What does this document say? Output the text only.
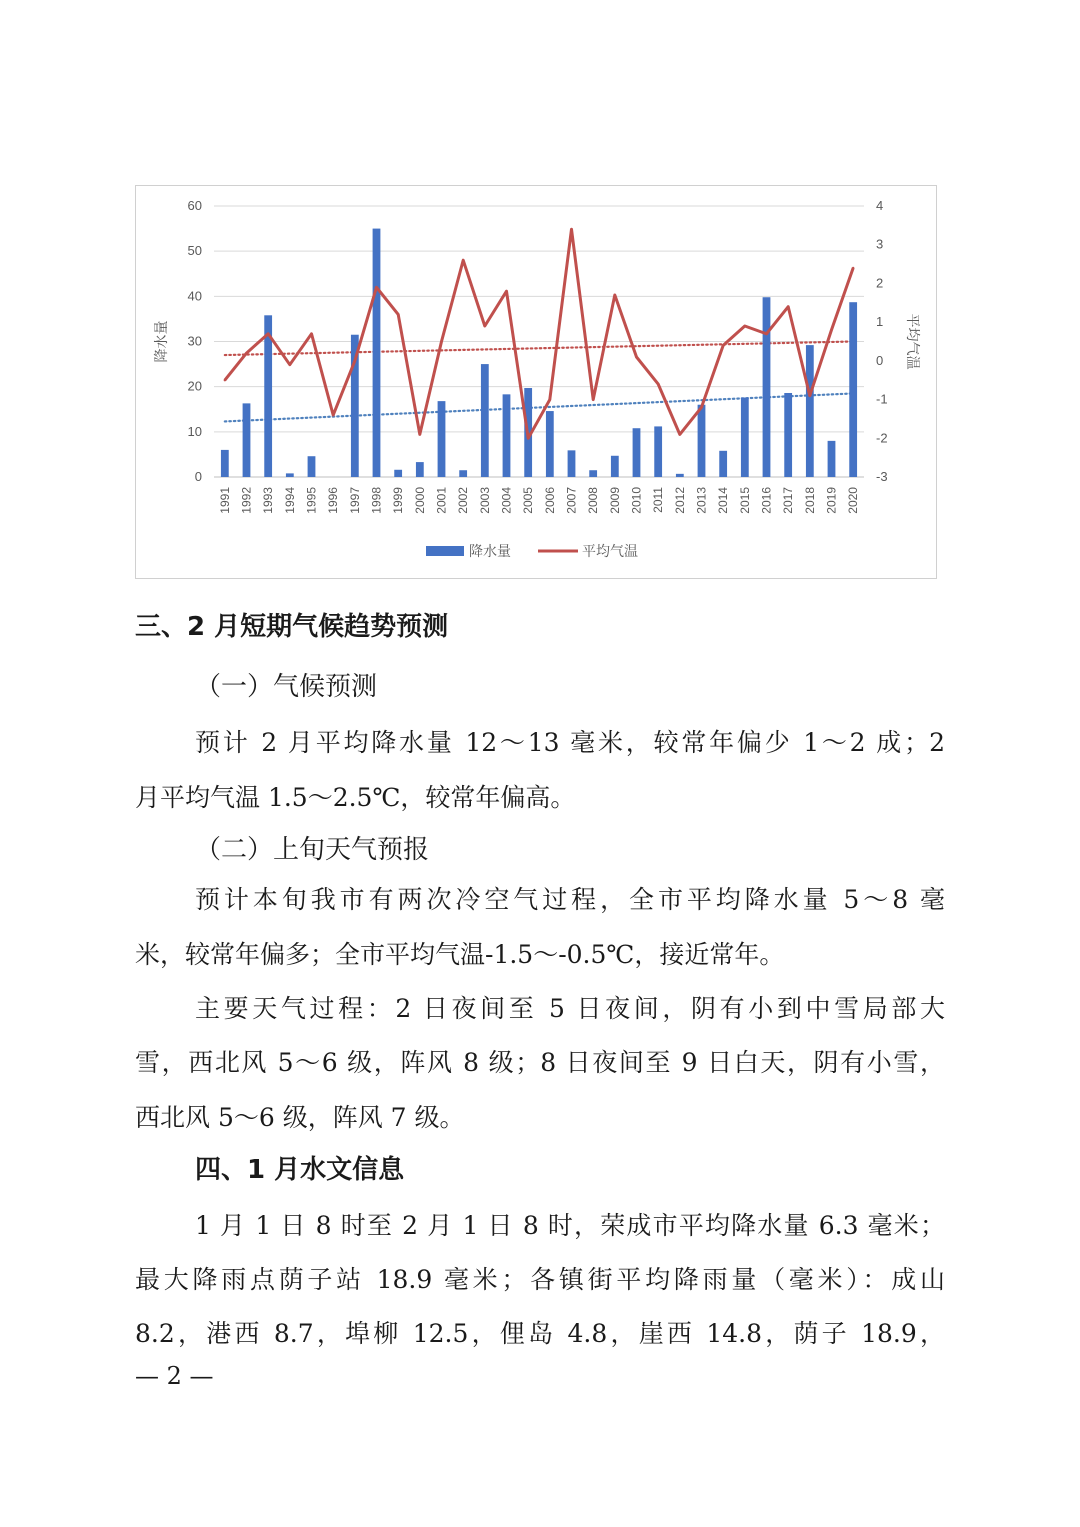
0
10
20
30
40
50
60
-3
-2
-1
0
1
2
3
4
降水量	平均气温
1991 1992 1993 1994 1995 1996 1997 1998 1999 2000 2001 2002 2003 2004 2005 2006 2007 2008 2009 2010 2011 2012 2013 2014 2015 2016 2017 2018 2019 2020
降水量	平均气温
三、2 月短期气候趋势预测

（一）气候预测

预计 2 月平均降水量 12～13 毫米，较常年偏少 1～2 成；2

月平均气温 1.5～2.5℃，较常年偏高。

（二）上旬天气预报

预计本旬我市有两次冷空气过程，全市平均降水量 5～8 毫

米，较常年偏多；全市平均气温-1.5～-0.5℃，接近常年。

主要天气过程：2 日夜间至 5 日夜间，阴有小到中雪局部大

雪，西北风 5～6 级，阵风 8 级；8 日夜间至 9 日白天，阴有小雪，

西北风 5～6 级，阵风 7 级。

四、1 月水文信息

1 月 1 日 8 时至 2 月 1 日 8 时，荣成市平均降水量 6.3 毫米；

最大降雨点荫子站 18.9 毫米；各镇街平均降雨量（毫米）：成山

8.2，港西 8.7，埠柳 12.5，俚岛 4.8，崖西 14.8，荫子 18.9，

— 2 —
